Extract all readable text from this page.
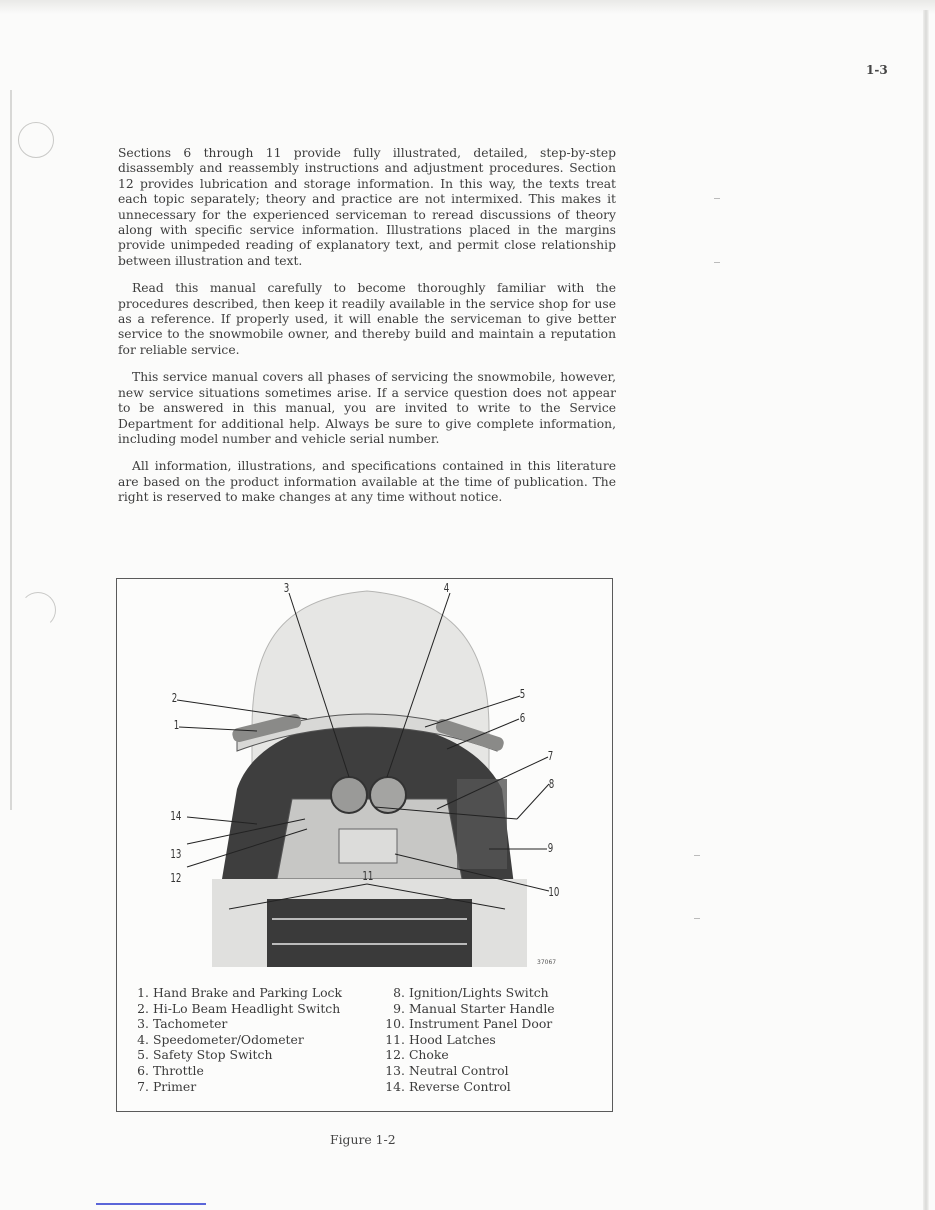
1-3

Sections 6 through 11 provide fully illustrated, detailed, step-by-step disassembly and reassembly instructions and adjustment procedures. Section 12 provides lubrication and storage information. In this way, the texts treat each topic separately; theory and practice are not intermixed. This makes it unnecessary for the experienced serviceman to reread discussions of theory along with specific service information. Illustrations placed in the margins provide unimpeded reading of explanatory text, and permit close relationship between illustration and text.

Read this manual carefully to become thoroughly familiar with the procedures described, then keep it readily available in the service shop for use as a reference. If properly used, it will enable the serviceman to give better service to the snowmobile owner, and thereby build and maintain a reputation for reliable service.

This service manual covers all phases of servicing the snowmobile, however, new service situations sometimes arise. If a service question does not appear to be answered in this manual, you are invited to write to the Service Department for additional help. Always be sure to give complete information, including model number and vehicle serial number.

All information, illustrations, and specifications contained in this literature are based on the product information available at the time of publication. The right is reserved to make changes at any time without notice.

3	4
2
1
5
6
7
8
9
10
11
12
13
14
37067
1. Hand Brake and Parking Lock
2. Hi-Lo Beam Headlight Switch
3. Tachometer
4. Speedometer/Odometer
5. Safety Stop Switch
6. Throttle
7. Primer
8. Ignition/Lights Switch
9. Manual Starter Handle
10. Instrument Panel Door
11. Hood Latches
12. Choke
13. Neutral Control
14. Reverse Control
Figure 1-2
